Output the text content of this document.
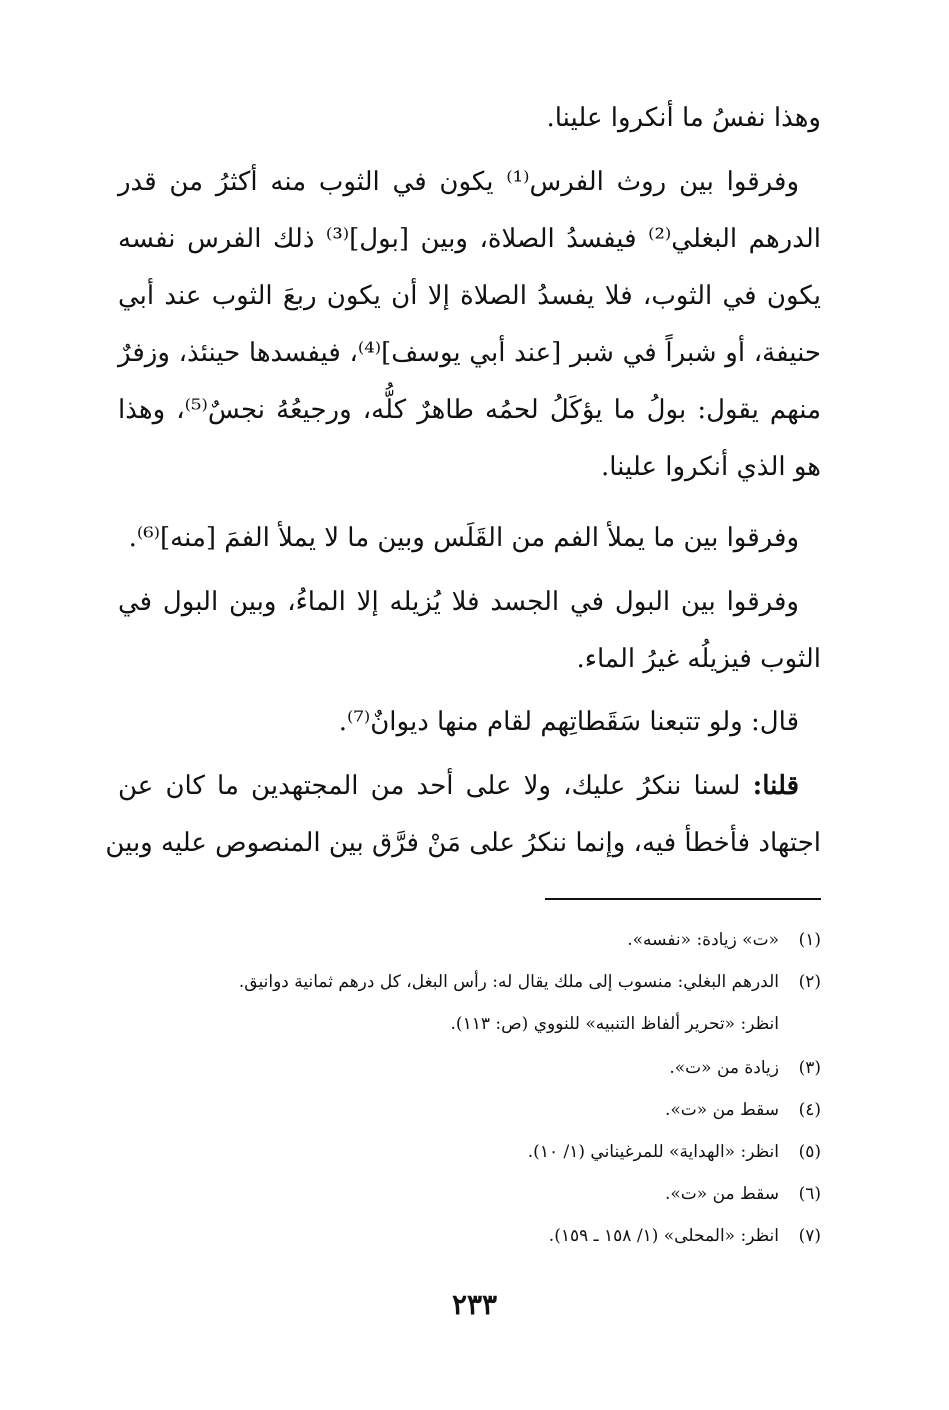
وهذا نفسُ ما أنكروا علينا.

وفرقوا بين روث الفرس⁽¹⁾ يكون في الثوب منه أكثرُ من قدر

الدرهم البغلي⁽²⁾ فيفسدُ الصلاة، وبين [بول]⁽³⁾ ذلك الفرس نفسه

يكون في الثوب، فلا يفسدُ الصلاة إلا أن يكون ربعَ الثوب عند أبي

حنيفة، أو شبراً في شبر [عند أبي يوسف]⁽⁴⁾، فيفسدها حينئذ، وزفرٌ

منهم يقول: بولُ ما يؤكَلُ لحمُه طاهرٌ كلُّه، ورجيعُهُ نجسٌ⁽⁵⁾، وهذا

هو الذي أنكروا علينا.

وفرقوا بين ما يملأ الفم من القَلَس وبين ما لا يملأ الفمَ [منه]⁽⁶⁾.

وفرقوا بين البول في الجسد فلا يُزيله إلا الماءُ، وبين البول في

الثوب فيزيلُه غيرُ الماء.

قال: ولو تتبعنا سَقَطاتِهم لقام منها ديوانٌ⁽⁷⁾.

قلنا: لسنا ننكرُ عليك، ولا على أحد من المجتهدين ما كان عن

اجتهاد فأخطأ فيه، وإنما ننكرُ على مَنْ فرَّق بين المنصوص عليه وبين

(١)«ت» زيادة: «نفسه».

(٢)الدرهم البغلي: منسوب إلى ملك يقال له: رأس البغل، كل درهم ثمانية دوانيق.

انظر: «تحرير ألفاظ التنبيه» للنووي (ص: ١١٣).

(٣)زيادة من «ت».

(٤)سقط من «ت».

(٥)انظر: «الهداية» للمرغيناني (١/ ١٠).

(٦)سقط من «ت».

(٧)انظر: «المحلى» (١/ ١٥٨ ـ ١٥٩).

٢٣٣
